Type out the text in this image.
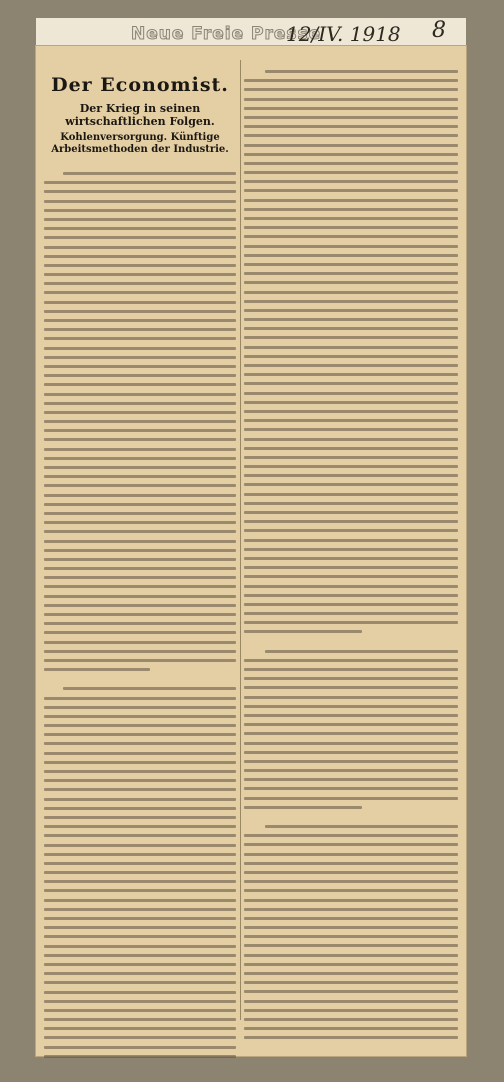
Neue Freie Presse
12/IV. 1918 8
Der Economist.
Der Krieg in seinen wirtschaftlichen Folgen.
Kohlenversorgung. Künftige Arbeitsmethoden der Industrie.
